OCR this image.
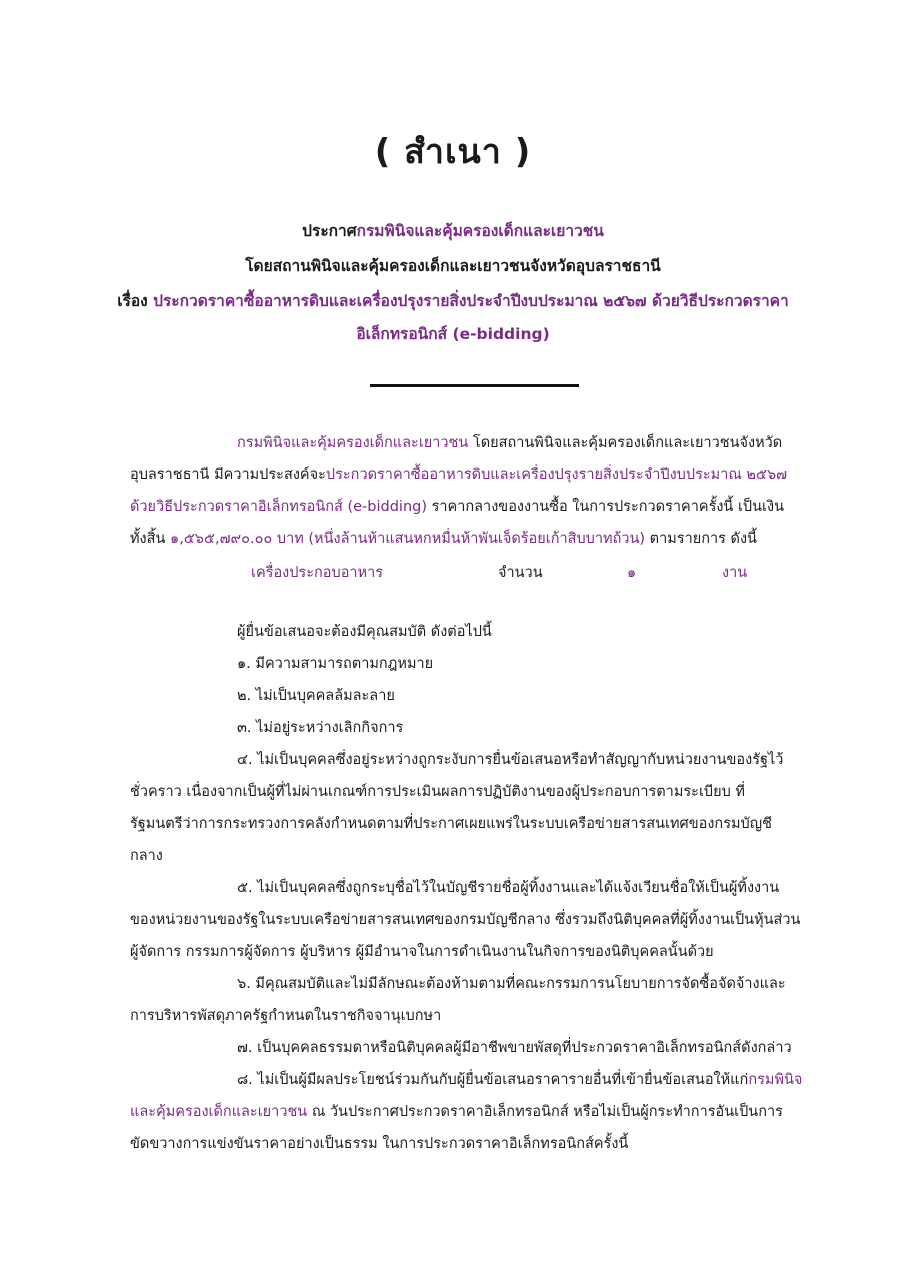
( สำเนา )
ประกาศกรมพินิจและคุ้มครองเด็กและเยาวชน
โดยสถานพินิจและคุ้มครองเด็กและเยาวชนจังหวัดอุบลราชธานี
เรื่อง ประกวดราคาซื้ออาหารดิบและเครื่องปรุงรายสิ่งประจำปีงบประมาณ ๒๕๖๗ ด้วยวิธีประกวดราคา
อิเล็กทรอนิกส์ (e-bidding)
กรมพินิจและคุ้มครองเด็กและเยาวชน โดยสถานพินิจและคุ้มครองเด็กและเยาวชนจังหวัด
อุบลราชธานี มีความประสงค์จะประกวดราคาซื้ออาหารดิบและเครื่องปรุงรายสิ่งประจำปีงบประมาณ ๒๕๖๗
ด้วยวิธีประกวดราคาอิเล็กทรอนิกส์ (e-bidding) ราคากลางของงานซื้อ ในการประกวดราคาครั้งนี้ เป็นเงิน
ทั้งสิ้น ๑,๕๖๕,๗๙๐.๐๐ บาท (หนึ่งล้านห้าแสนหกหมื่นห้าพันเจ็ดร้อยเก้าสิบบาทถ้วน) ตามรายการ ดังนี้
เครื่องประกอบอาหาร	จำนวน	๑	งาน
ผู้ยื่นข้อเสนอจะต้องมีคุณสมบัติ ดังต่อไปนี้
๑. มีความสามารถตามกฎหมาย
๒. ไม่เป็นบุคคลล้มละลาย
๓. ไม่อยู่ระหว่างเลิกกิจการ
๔. ไม่เป็นบุคคลซึ่งอยู่ระหว่างถูกระงับการยื่นข้อเสนอหรือทำสัญญากับหน่วยงานของรัฐไว้
ชั่วคราว เนื่องจากเป็นผู้ที่ไม่ผ่านเกณฑ์การประเมินผลการปฏิบัติงานของผู้ประกอบการตามระเบียบ ที่
รัฐมนตรีว่าการกระทรวงการคลังกำหนดตามที่ประกาศเผยแพร่ในระบบเครือข่ายสารสนเทศของกรมบัญชี
กลาง
๕. ไม่เป็นบุคคลซึ่งถูกระบุชื่อไว้ในบัญชีรายชื่อผู้ทิ้งงานและได้แจ้งเวียนชื่อให้เป็นผู้ทิ้งงาน
ของหน่วยงานของรัฐในระบบเครือข่ายสารสนเทศของกรมบัญชีกลาง ซึ่งรวมถึงนิติบุคคลที่ผู้ทิ้งงานเป็นหุ้นส่วน
ผู้จัดการ กรรมการผู้จัดการ ผู้บริหาร ผู้มีอำนาจในการดำเนินงานในกิจการของนิติบุคคลนั้นด้วย
๖. มีคุณสมบัติและไม่มีลักษณะต้องห้ามตามที่คณะกรรมการนโยบายการจัดซื้อจัดจ้างและ
การบริหารพัสดุภาครัฐกำหนดในราชกิจจานุเบกษา
๗. เป็นบุคคลธรรมดาหรือนิติบุคคลผู้มีอาชีพขายพัสดุที่ประกวดราคาอิเล็กทรอนิกส์ดังกล่าว
๘. ไม่เป็นผู้มีผลประโยชน์ร่วมกันกับผู้ยื่นข้อเสนอราคารายอื่นที่เข้ายื่นข้อเสนอให้แก่กรมพินิจ
และคุ้มครองเด็กและเยาวชน ณ วันประกาศประกวดราคาอิเล็กทรอนิกส์ หรือไม่เป็นผู้กระทำการอันเป็นการ
ขัดขวางการแข่งขันราคาอย่างเป็นธรรม ในการประกวดราคาอิเล็กทรอนิกส์ครั้งนี้
